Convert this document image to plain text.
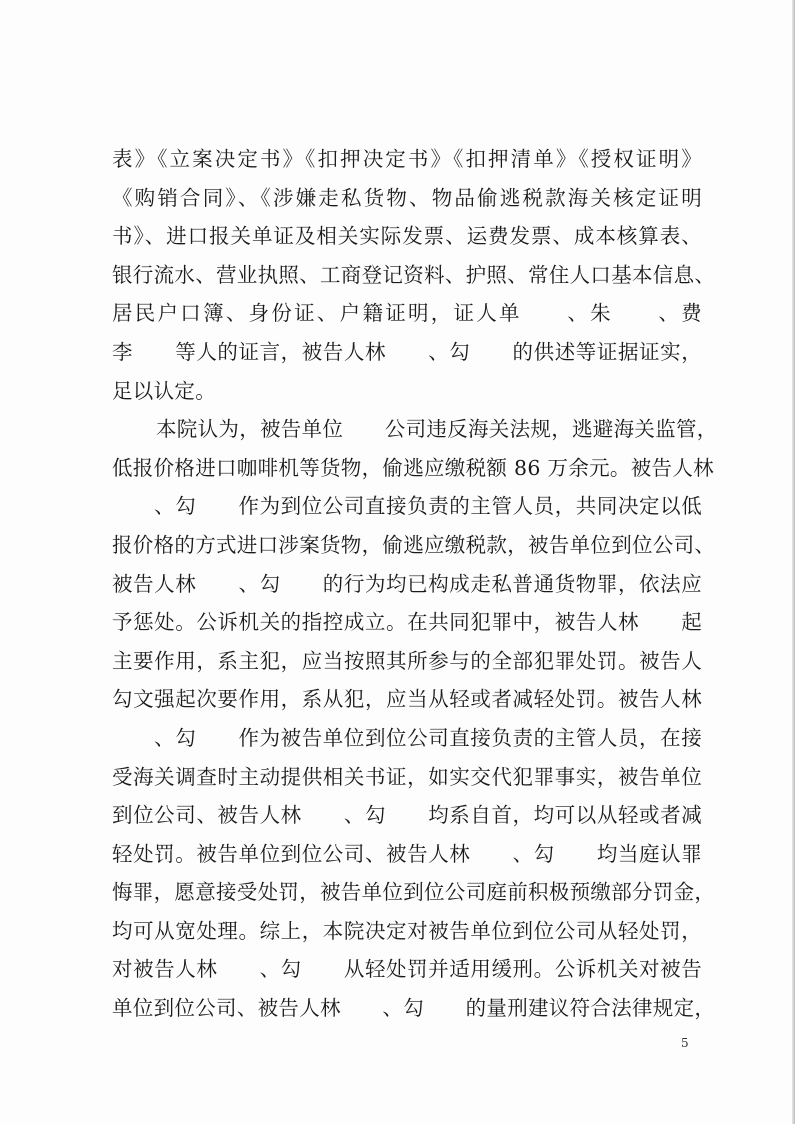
表》《立案决定书》《扣押决定书》《扣押清单》《授权证明》
《购销合同》、《涉嫌走私货物、物品偷逃税款海关核定证明
书》、进口报关单证及相关实际发票、运费发票、成本核算表、
银行流水、营业执照、工商登记资料、护照、常住人口基本信息、
居民户口簿、身份证、户籍证明，证人单　　、朱　　、费
李　　等人的证言，被告人林　　、勾　　的供述等证据证实，
足以认定。
本院认为，被告单位　　公司违反海关法规，逃避海关监管，
低报价格进口咖啡机等货物，偷逃应缴税额 86 万余元。被告人林
　　、勾　　作为到位公司直接负责的主管人员，共同决定以低
报价格的方式进口涉案货物，偷逃应缴税款，被告单位到位公司、
被告人林　　、勾　　的行为均已构成走私普通货物罪，依法应
予惩处。公诉机关的指控成立。在共同犯罪中，被告人林　　起
主要作用，系主犯，应当按照其所参与的全部犯罪处罚。被告人
勾文强起次要作用，系从犯，应当从轻或者减轻处罚。被告人林
　　、勾　　作为被告单位到位公司直接负责的主管人员，在接
受海关调查时主动提供相关书证，如实交代犯罪事实，被告单位
到位公司、被告人林　　、勾　　均系自首，均可以从轻或者减
轻处罚。被告单位到位公司、被告人林　　、勾　　均当庭认罪
悔罪，愿意接受处罚，被告单位到位公司庭前积极预缴部分罚金，
均可从宽处理。综上，本院决定对被告单位到位公司从轻处罚，
对被告人林　　、勾　　从轻处罚并适用缓刑。公诉机关对被告
单位到位公司、被告人林　　、勾　　的量刑建议符合法律规定，
5
